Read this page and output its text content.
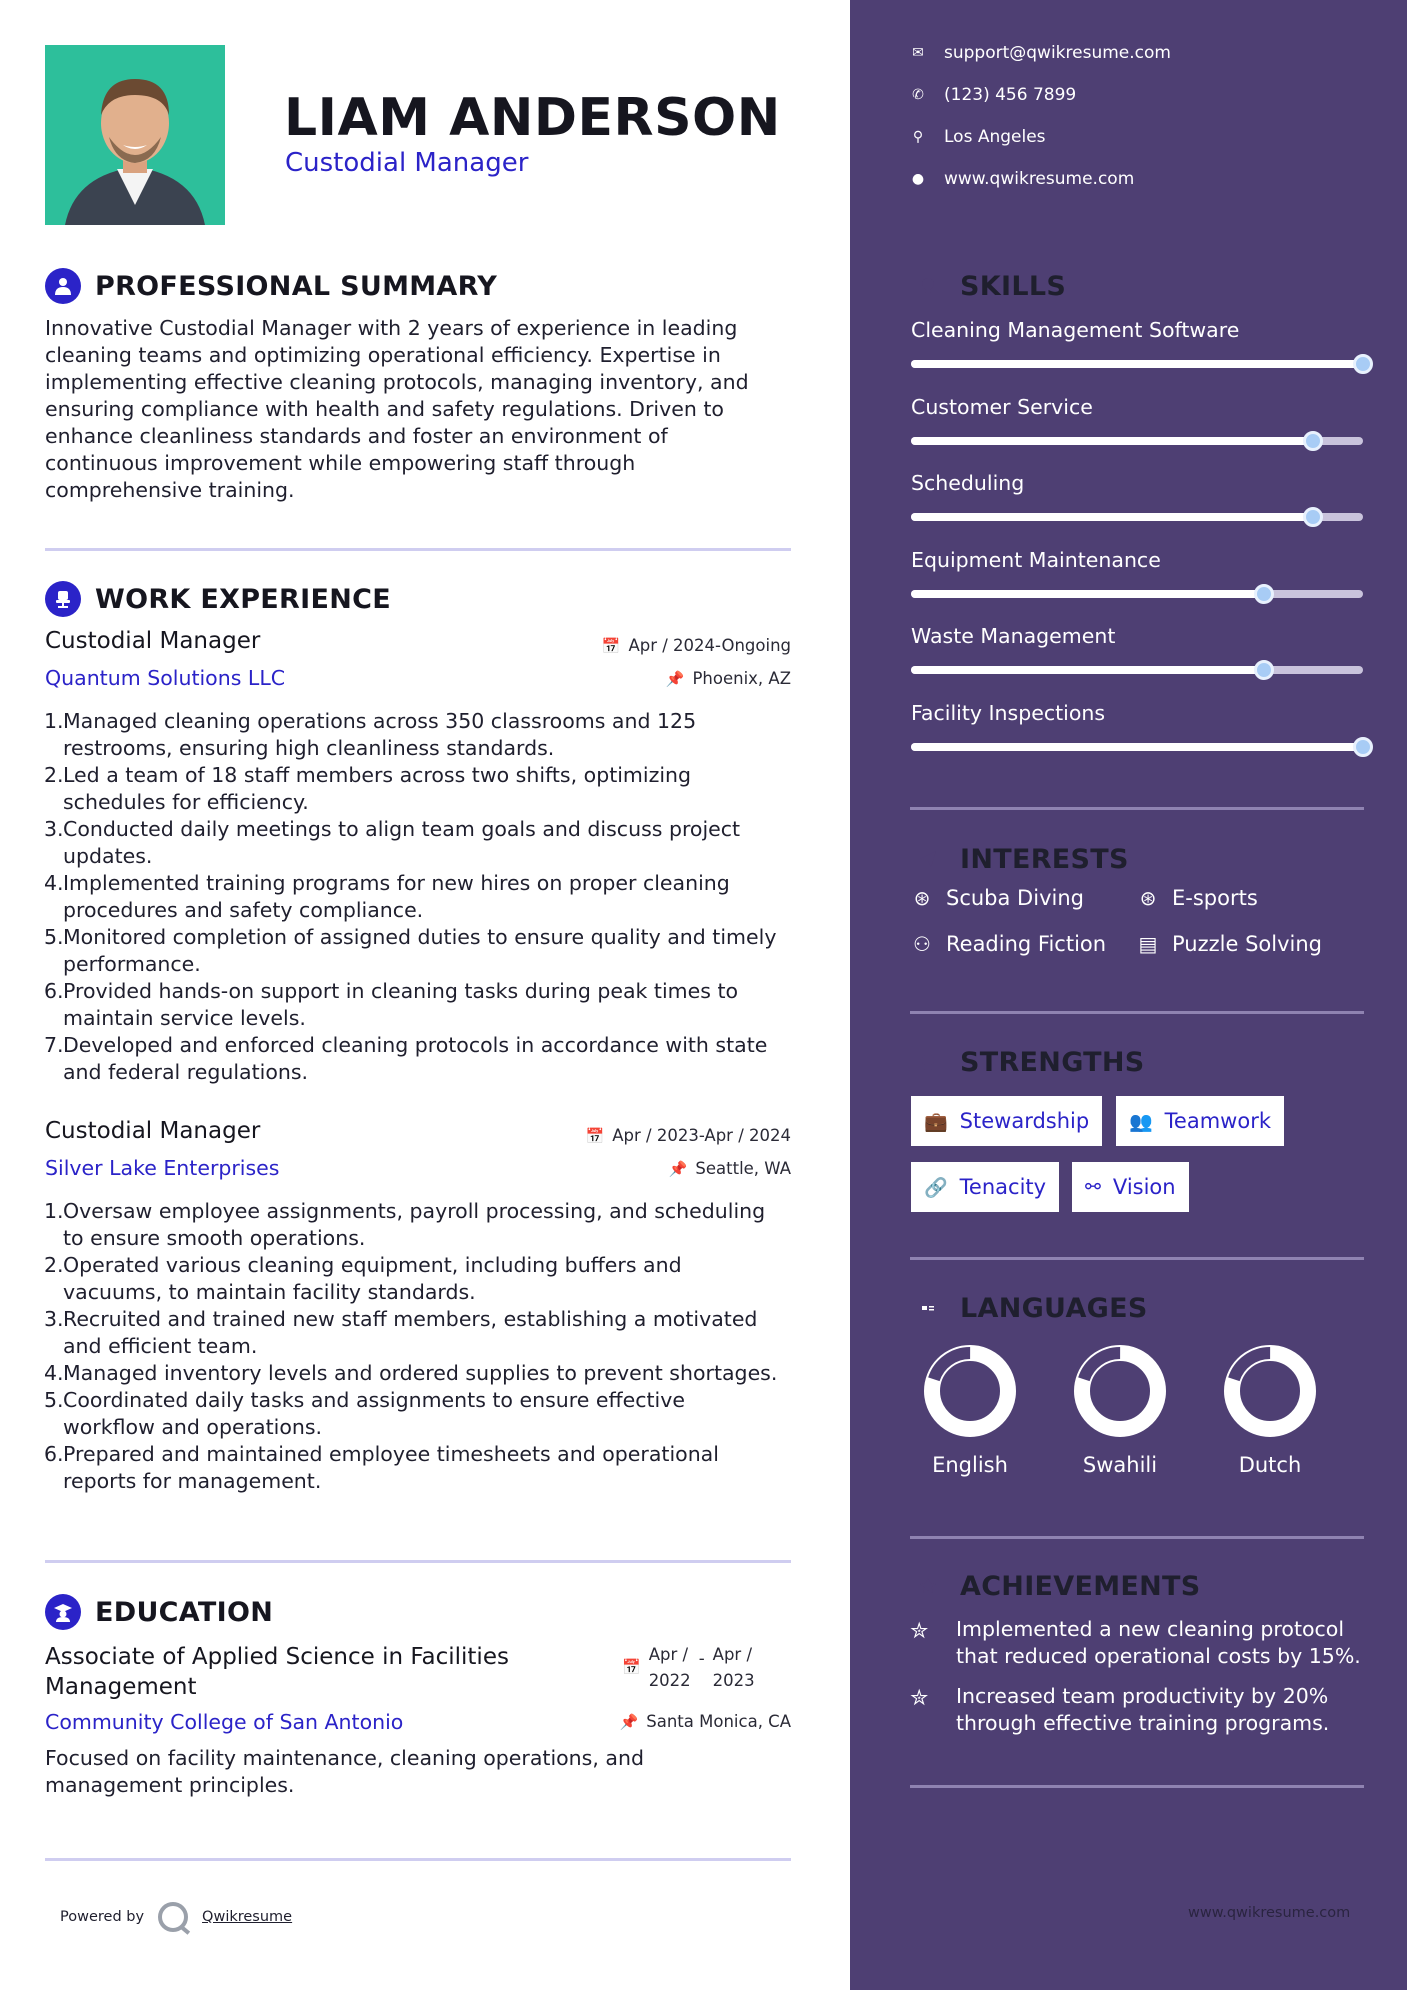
LIAM ANDERSON
Custodial Manager
PROFESSIONAL SUMMARY
Innovative Custodial Manager with 2 years of experience in leading
cleaning teams and optimizing operational efficiency. Expertise in
implementing effective cleaning protocols, managing inventory, and
ensuring compliance with health and safety regulations. Driven to
enhance cleanliness standards and foster an environment of
continuous improvement while empowering staff through
comprehensive training.
WORK EXPERIENCE
Custodial Manager
Quantum Solutions LLC
📅 Apr / 2024-Ongoing
📌 Phoenix, AZ
Managed cleaning operations across 350 classrooms and 125
restrooms, ensuring high cleanliness standards.
Led a team of 18 staff members across two shifts, optimizing
schedules for efficiency.
Conducted daily meetings to align team goals and discuss project
updates.
Implemented training programs for new hires on proper cleaning
procedures and safety compliance.
Monitored completion of assigned duties to ensure quality and timely
performance.
Provided hands-on support in cleaning tasks during peak times to
maintain service levels.
Developed and enforced cleaning protocols in accordance with state
and federal regulations.
Custodial Manager
Silver Lake Enterprises
📅 Apr / 2023-Apr / 2024
📌 Seattle, WA
Oversaw employee assignments, payroll processing, and scheduling
to ensure smooth operations.
Operated various cleaning equipment, including buffers and
vacuums, to maintain facility standards.
Recruited and trained new staff members, establishing a motivated
and efficient team.
Managed inventory levels and ordered supplies to prevent shortages.
Coordinated daily tasks and assignments to ensure effective
workflow and operations.
Prepared and maintained employee timesheets and operational
reports for management.
EDUCATION
Associate of Applied Science in Facilities
Management
Community College of San Antonio
📅
Apr /
2022
- Apr /
2023
📌 Santa Monica, CA
Focused on facility maintenance, cleaning operations, and
management principles.
Powered by	Qwikresume
✉ support@qwikresume.com
✆ (123) 456 7899
⚲ Los Angeles
● www.qwikresume.com
SKILLS
Cleaning Management Software
Customer Service
Scheduling
Equipment Maintenance
Waste Management
Facility Inspections
INTERESTS
⊛ Scuba Diving	⊛ E-sports
⚇ Reading Fiction ▤ Puzzle Solving
STRENGTHS
💼 Stewardship 👥 Teamwork
🔗 Tenacity ⚯ Vision
LANGUAGES
English	Swahili	Dutch
ACHIEVEMENTS
✮	Implemented a new cleaning protocol
that reduced operational costs by 15%.
✮	Increased team productivity by 20%
through effective training programs.
www.qwikresume.com
